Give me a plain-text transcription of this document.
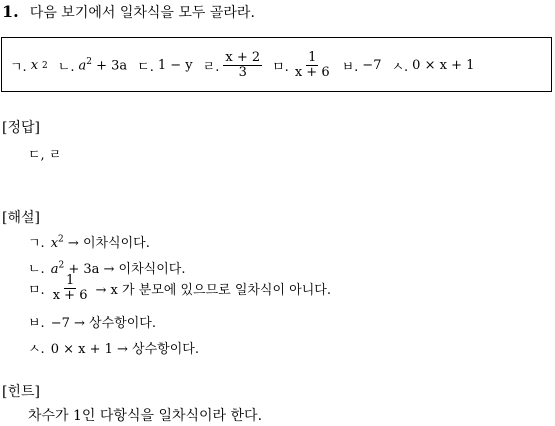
1. 다음 보기에서 일차식을 모두 골라라.
ㄱ. x 2 ㄴ. $a^2 + 3a$ ㄷ. 1 − y ㄹ. $\frac{x + 2}{3}$ ㅁ. $\frac{1}{x + 6}$ ㅂ. −7 ㅅ. 0 × x + 1
[정답]
ㄷ, ㄹ
[해설]
ㄱ. $x^2$ → 이차식이다.
ㄴ. $a^2 + 3a$ → 이차식이다.
ㅁ. $\frac{1}{x + 6} \to x$ 가 분모에 있으므로 일차식이 아니다.
ㅂ. −7 → 상수항이다.
ㅅ. 0 × x + 1 → 상수항이다.
[힌트]
차수가 1인 다항식을 일차식이라 한다.
